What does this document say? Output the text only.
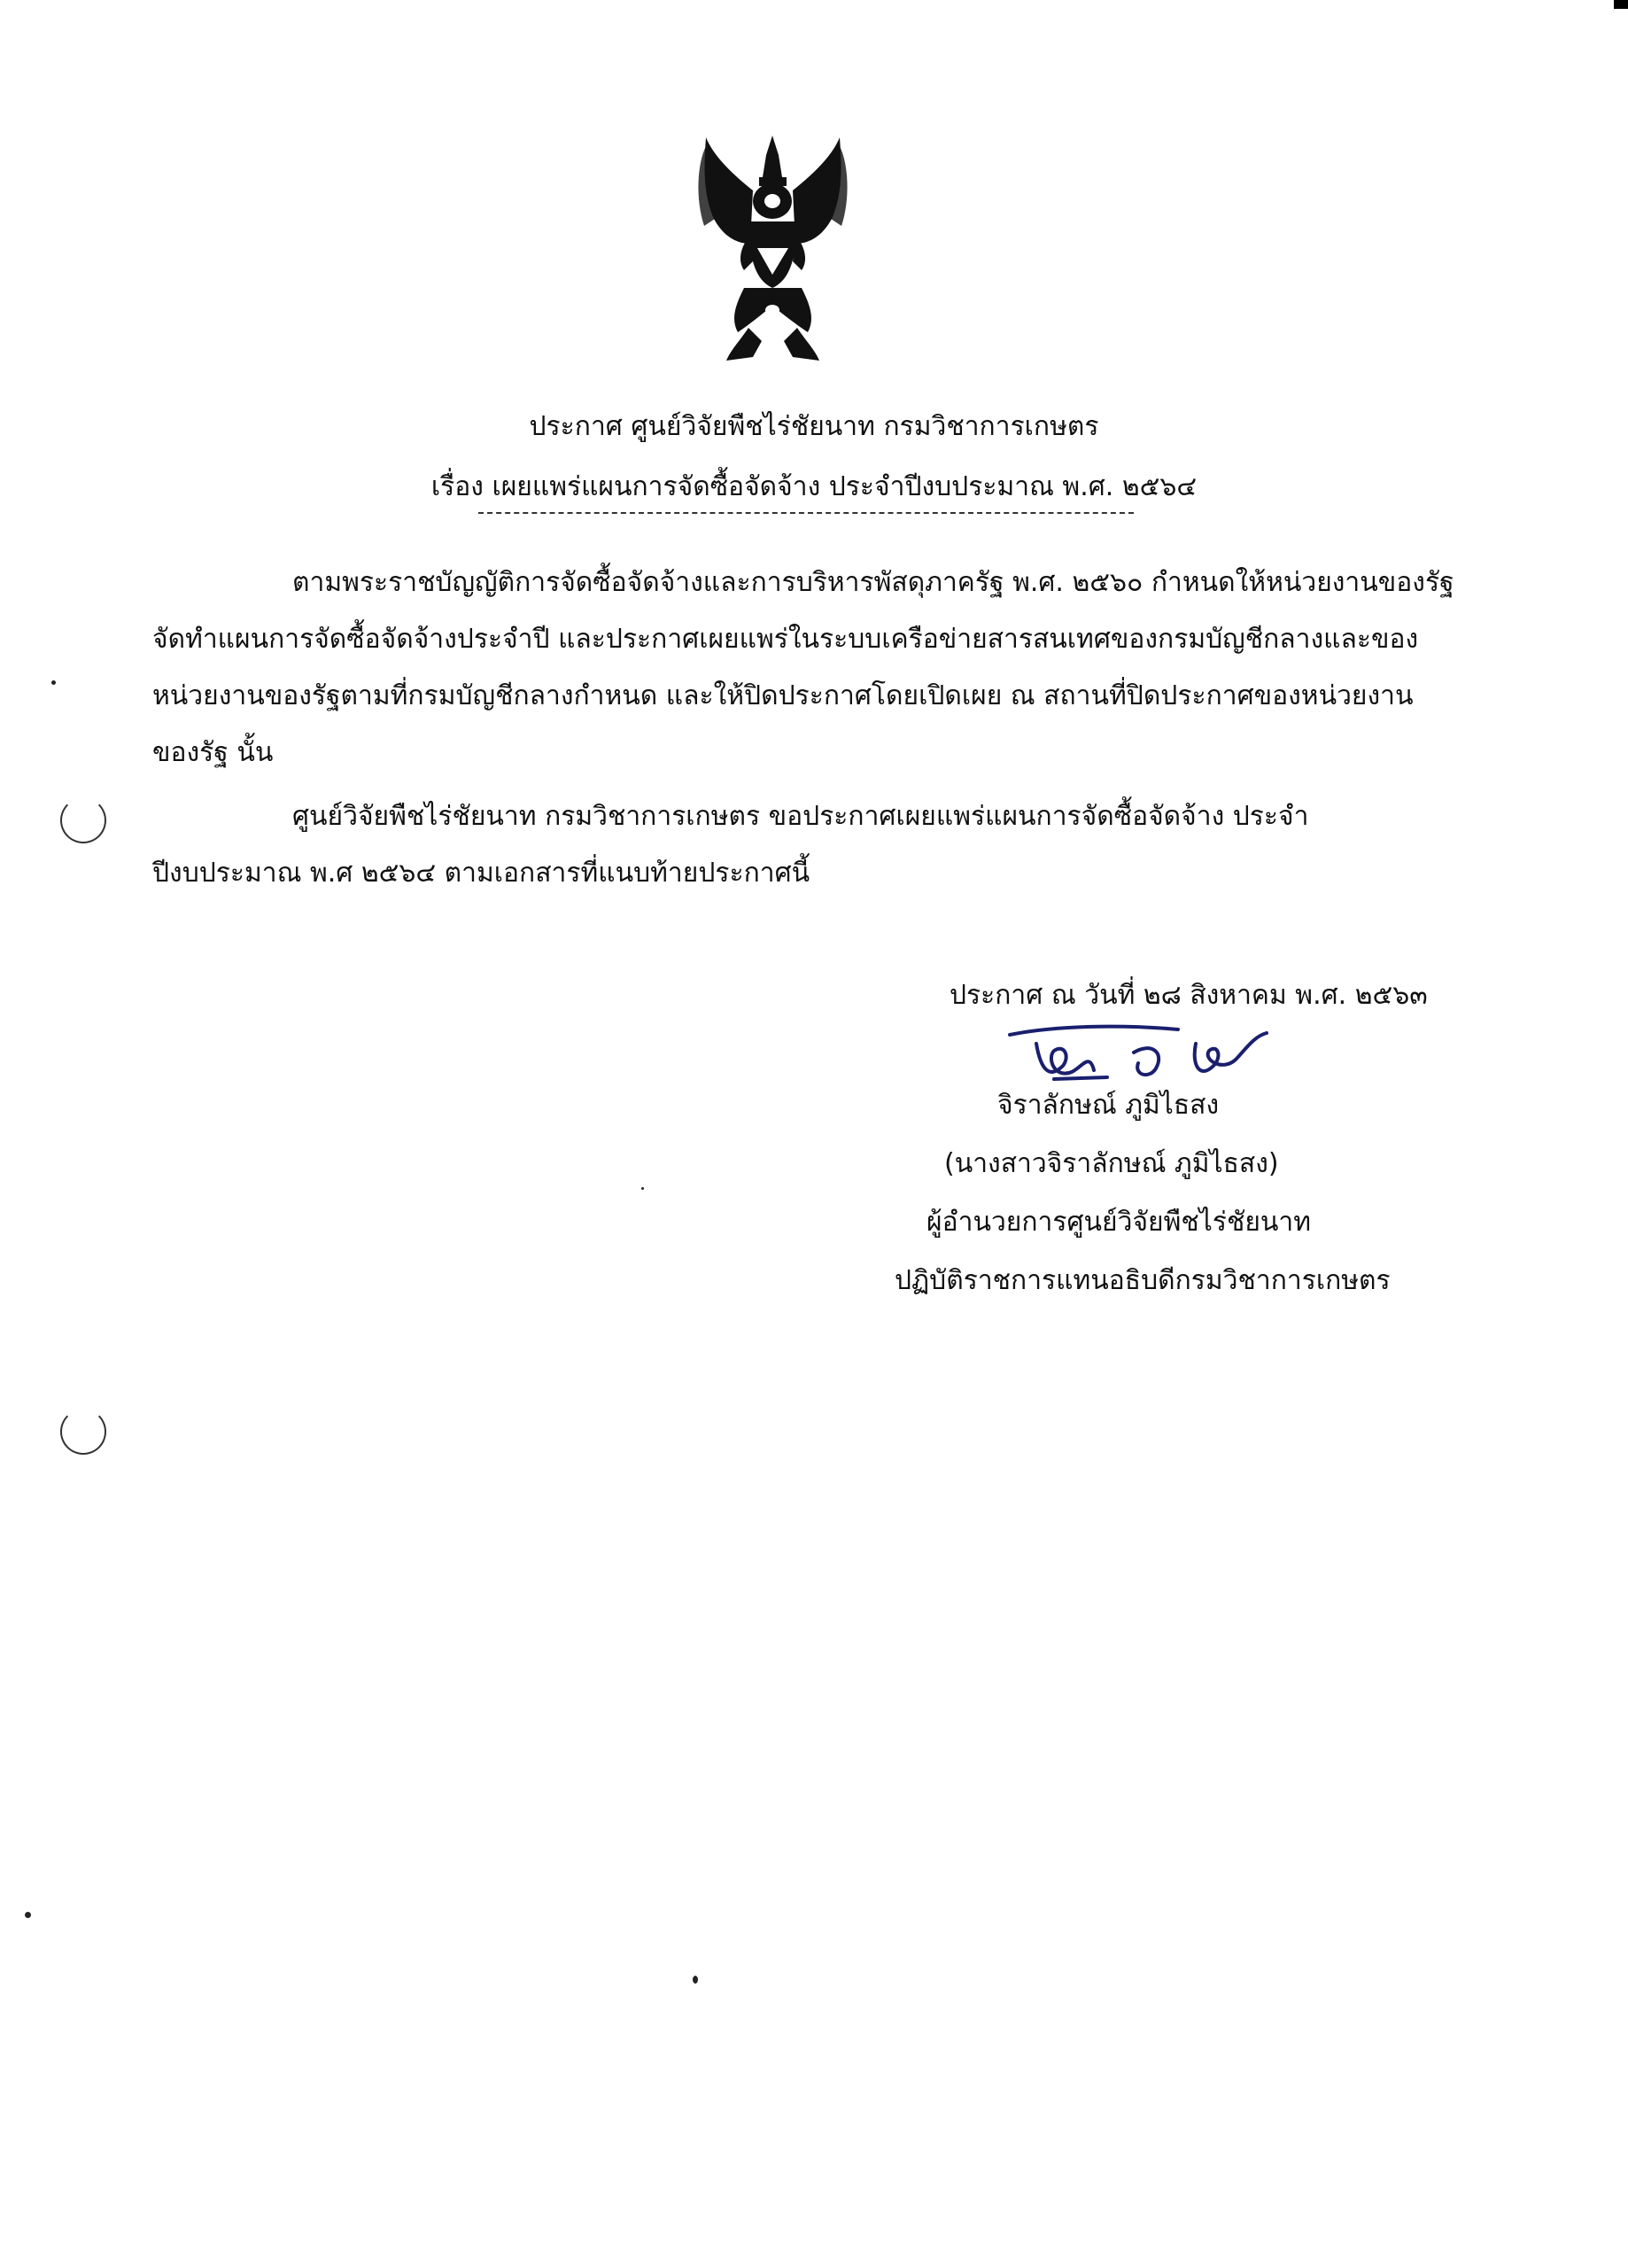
ประกาศ ศูนย์วิจัยพืชไร่ชัยนาท กรมวิชาการเกษตร
เรื่อง เผยแพร่แผนการจัดซื้อจัดจ้าง ประจำปีงบประมาณ พ.ศ. ๒๕๖๔
ตามพระราชบัญญัติการจัดซื้อจัดจ้างและการบริหารพัสดุภาครัฐ พ.ศ. ๒๕๖๐ กำหนดให้หน่วยงานของรัฐ
จัดทำแผนการจัดซื้อจัดจ้างประจำปี และประกาศเผยแพร่ในระบบเครือข่ายสารสนเทศของกรมบัญชีกลางและของ
หน่วยงานของรัฐตามที่กรมบัญชีกลางกำหนด และให้ปิดประกาศโดยเปิดเผย ณ สถานที่ปิดประกาศของหน่วยงาน
ของรัฐ นั้น
ศูนย์วิจัยพืชไร่ชัยนาท กรมวิชาการเกษตร ขอประกาศเผยแพร่แผนการจัดซื้อจัดจ้าง ประจำ
ปีงบประมาณ พ.ศ ๒๕๖๔ ตามเอกสารที่แนบท้ายประกาศนี้
ประกาศ ณ วันที่ ๒๘ สิงหาคม พ.ศ. ๒๕๖๓
จิราลักษณ์ ภูมิไธสง
(นางสาวจิราลักษณ์ ภูมิไธสง)
ผู้อำนวยการศูนย์วิจัยพืชไร่ชัยนาท
ปฏิบัติราชการแทนอธิบดีกรมวิชาการเกษตร
